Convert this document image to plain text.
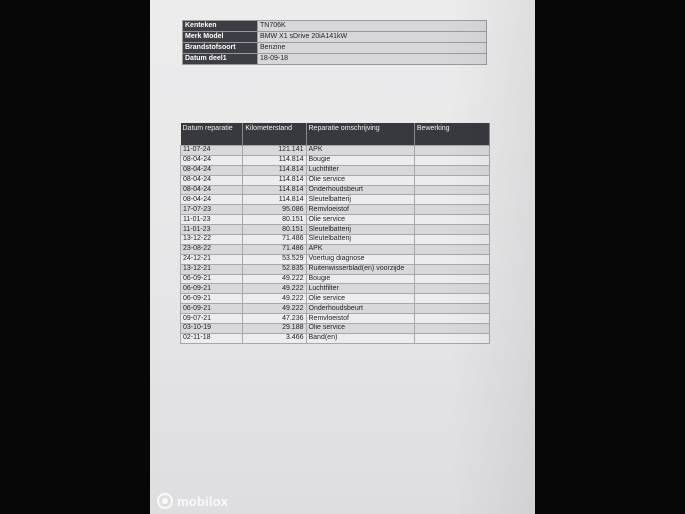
Kenteken	TN706K
Merk Model	BMW X1 sDrive 20iA141kW
Brandstofsoort	Benzine
Datum deel1	18-09-18
Datum reparatie	Kilometerstand	Reparatie omschrijving	Bewerking
11-07-24	121.141	APK	
08-04-24	114.814	Bougie	
08-04-24	114.814	Luchtfilter	
08-04-24	114.814	Olie service	
08-04-24	114.814	Onderhoudsbeurt	
08-04-24	114.814	Sleutelbatterij	
17-07-23	95.086	Remvloeistof	
11-01-23	80.151	Olie service	
11-01-23	80.151	Sleutelbatterij	
13-12-22	71.486	Sleutelbatterij	
23-08-22	71.486	APK	
24-12-21	53.529	Voertuig diagnose	
13-12-21	52.835	Ruitenwisserblad(en) voorzijde	
06-09-21	49.222	Bougie	
06-09-21	49.222	Luchtfilter	
06-09-21	49.222	Olie service	
06-09-21	49.222	Onderhoudsbeurt	
09-07-21	47.236	Remvloeistof	
03-10-19	29.188	Olie service	
02-11-18	3.466	Band(en)	
mobilox
